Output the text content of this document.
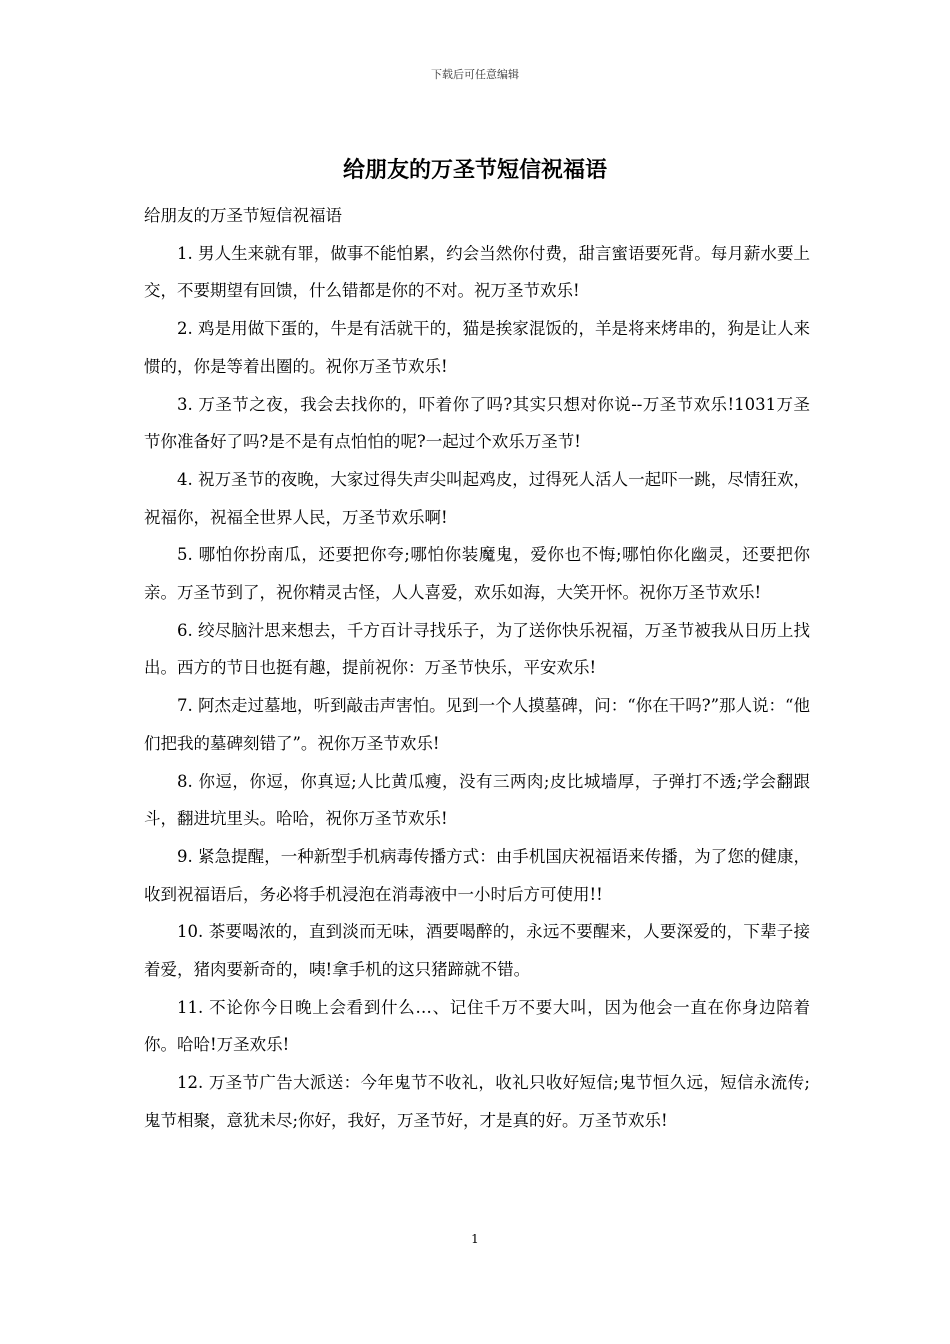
下载后可任意编辑
给朋友的万圣节短信祝福语

给朋友的万圣节短信祝福语

1. 男人生来就有罪，做事不能怕累，约会当然你付费，甜言蜜语要死背。每月薪水要上交，不要期望有回馈，什么错都是你的不对。祝万圣节欢乐!

2. 鸡是用做下蛋的，牛是有活就干的，猫是挨家混饭的，羊是将来烤串的，狗是让人来惯的，你是等着出圈的。祝你万圣节欢乐!

3. 万圣节之夜，我会去找你的，吓着你了吗?其实只想对你说--万圣节欢乐!1031万圣节你准备好了吗?是不是有点怕怕的呢?一起过个欢乐万圣节!

4. 祝万圣节的夜晚，大家过得失声尖叫起鸡皮，过得死人活人一起吓一跳，尽情狂欢，祝福你，祝福全世界人民，万圣节欢乐啊!

5. 哪怕你扮南瓜，还要把你夸;哪怕你装魔鬼，爱你也不悔;哪怕你化幽灵，还要把你亲。万圣节到了，祝你精灵古怪，人人喜爱，欢乐如海，大笑开怀。祝你万圣节欢乐!

6. 绞尽脑汁思来想去，千方百计寻找乐子，为了送你快乐祝福，万圣节被我从日历上找出。西方的节日也挺有趣，提前祝你：万圣节快乐，平安欢乐!

7. 阿杰走过墓地，听到敲击声害怕。见到一个人摸墓碑，问：“你在干吗?”那人说：“他们把我的墓碑刻错了”。祝你万圣节欢乐!

8. 你逗，你逗，你真逗;人比黄瓜瘦，没有三两肉;皮比城墙厚，子弹打不透;学会翻跟斗，翻进坑里头。哈哈，祝你万圣节欢乐!

9. 紧急提醒，一种新型手机病毒传播方式：由手机国庆祝福语来传播，为了您的健康，收到祝福语后，务必将手机浸泡在消毒液中一小时后方可使用!!

10. 茶要喝浓的，直到淡而无味，酒要喝醉的，永远不要醒来，人要深爱的，下辈子接着爱，猪肉要新奇的，咦!拿手机的这只猪蹄就不错。

11. 不论你今日晚上会看到什么…、记住千万不要大叫，因为他会一直在你身边陪着你。哈哈!万圣欢乐!

12. 万圣节广告大派送：今年鬼节不收礼，收礼只收好短信;鬼节恒久远，短信永流传;鬼节相聚，意犹未尽;你好，我好，万圣节好，才是真的好。万圣节欢乐!

1
